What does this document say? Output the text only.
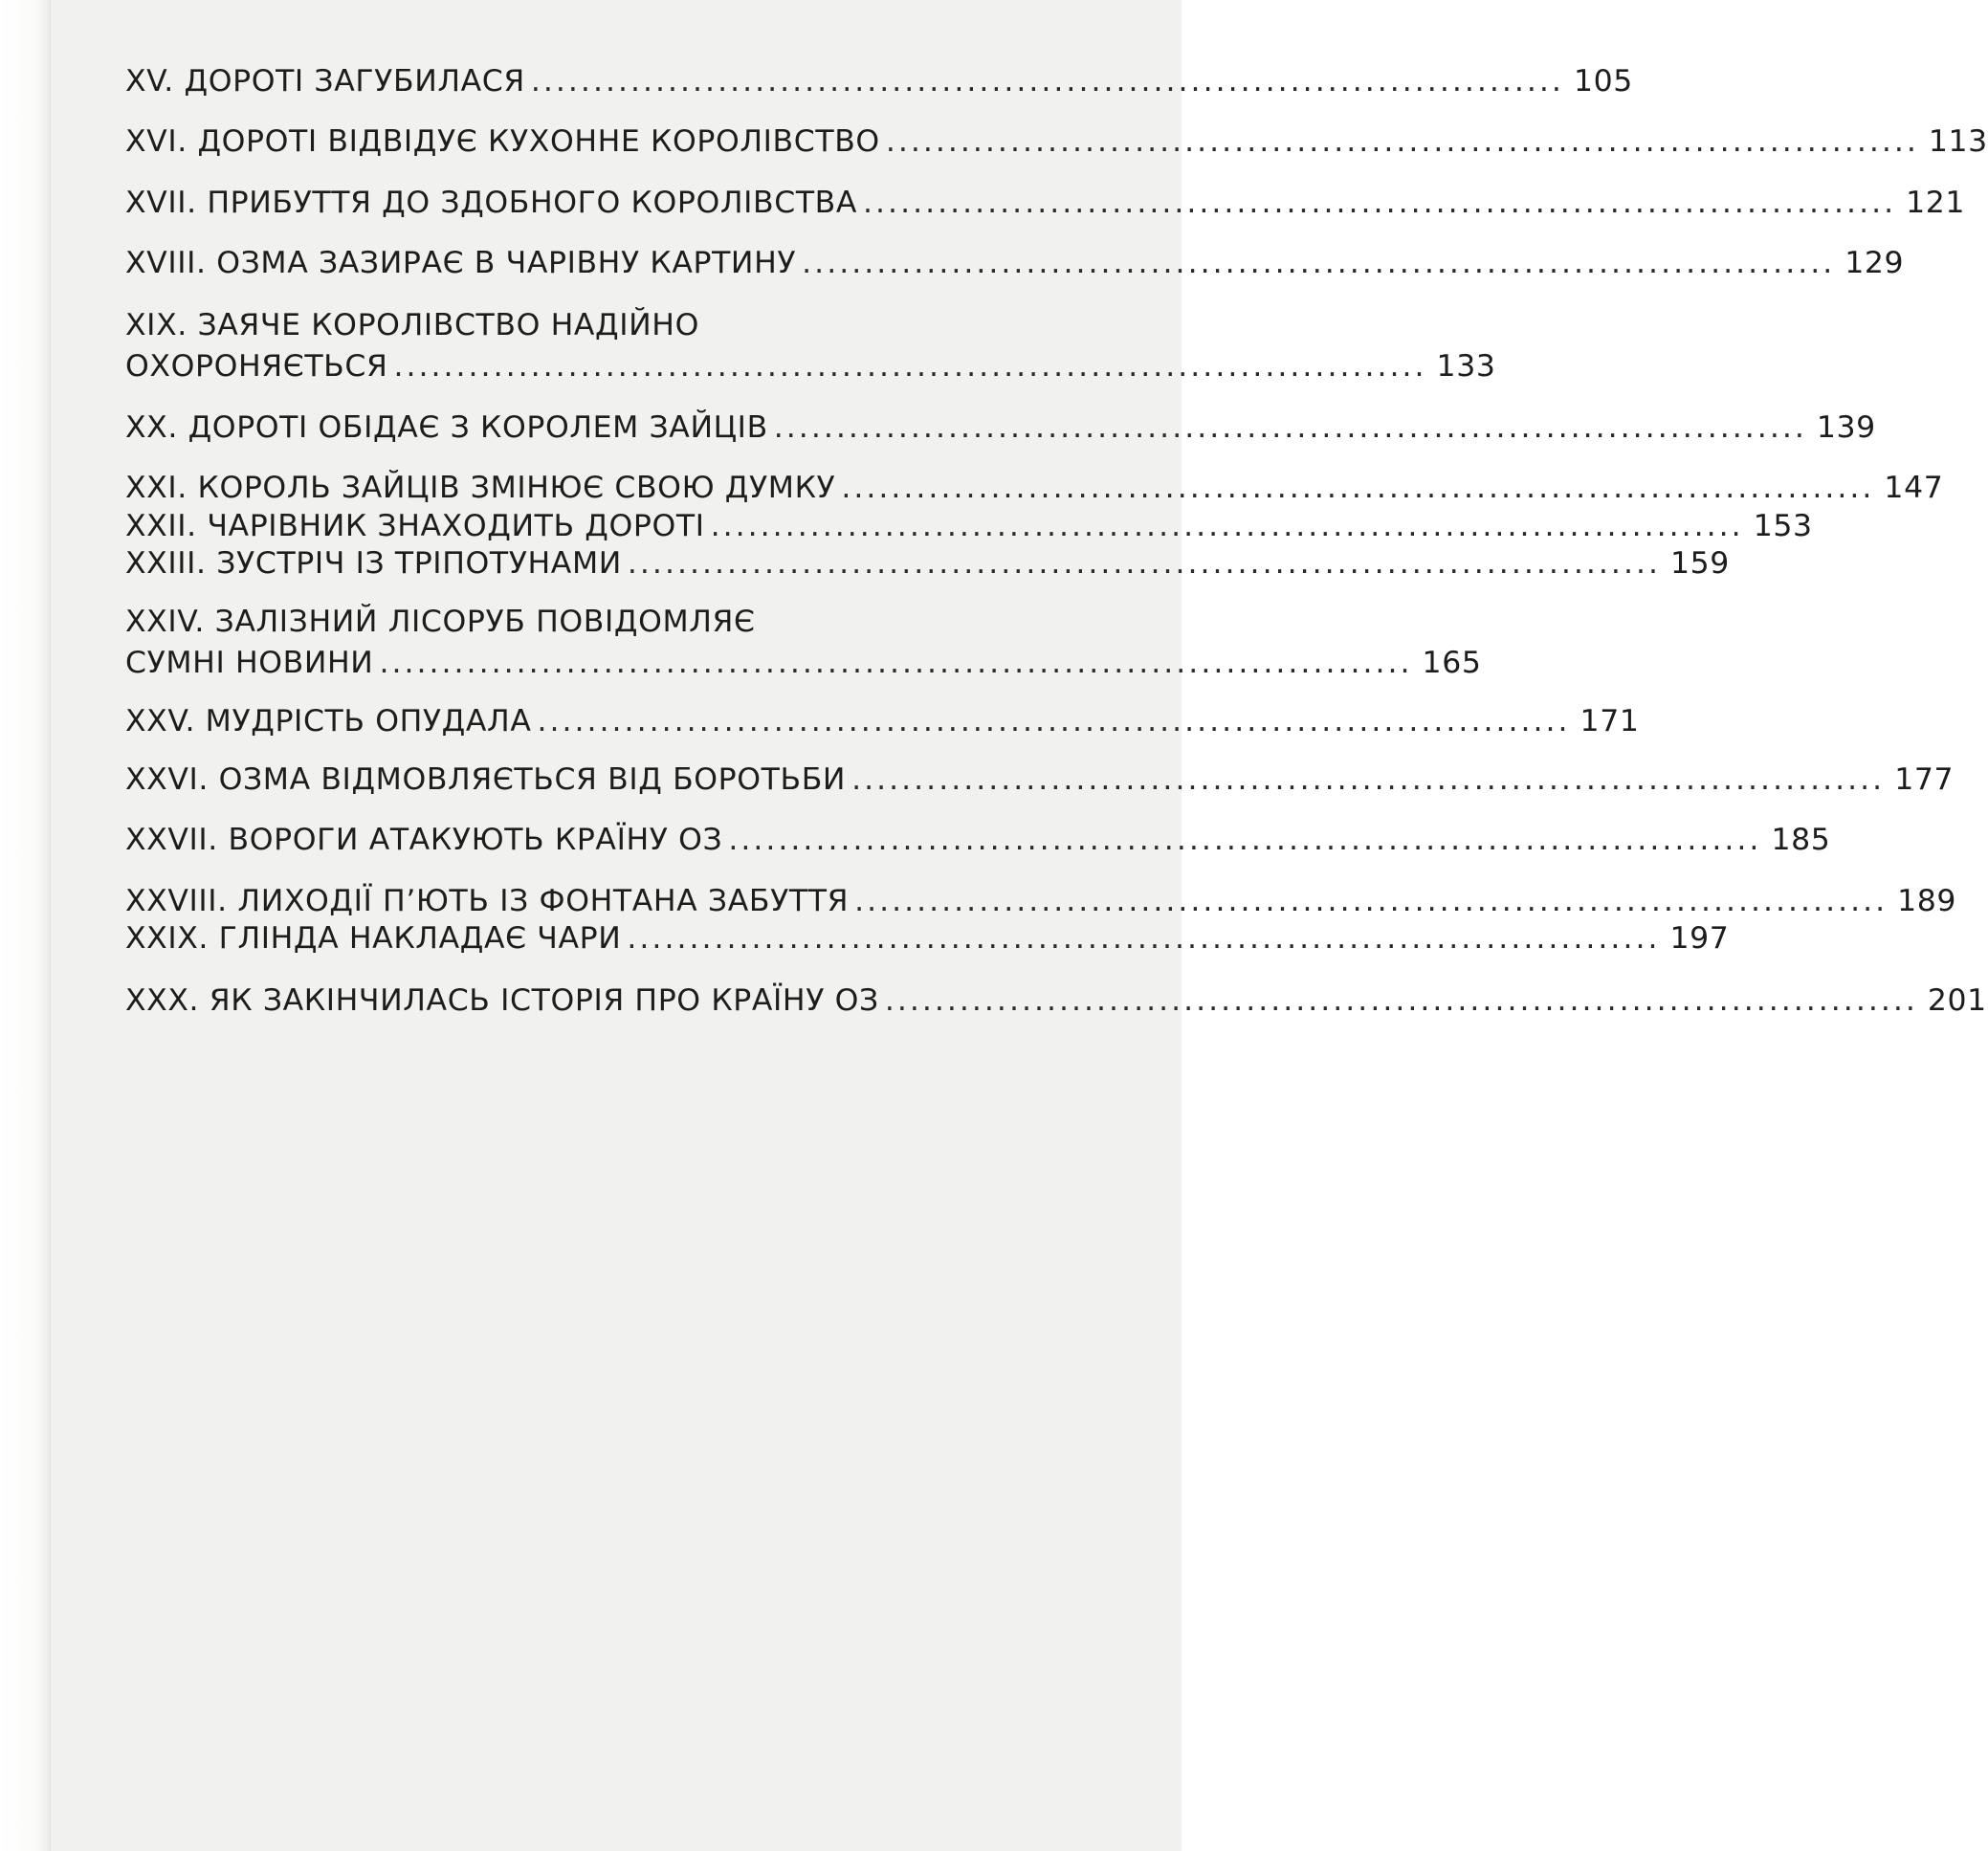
XV. ДОРОТІ ЗАГУБИЛАСЯ ................................................................................... 105
XVI. ДОРОТІ ВІДВІДУЄ КУХОННЕ КОРОЛІВСТВО ................................................................................... 113
XVII. ПРИБУТТЯ ДО ЗДОБНОГО КОРОЛІВСТВА ................................................................................... 121
XVIII. ОЗМА ЗАЗИРАЄ В ЧАРІВНУ КАРТИНУ ................................................................................... 129
XIX. ЗАЯЧЕ КОРОЛІВСТВО НАДІЙНО
ОХОРОНЯЄТЬСЯ ................................................................................... 133
XX. ДОРОТІ ОБІДАЄ З КОРОЛЕМ ЗАЙЦІВ ................................................................................... 139
XXI. КОРОЛЬ ЗАЙЦІВ ЗМІНЮЄ СВОЮ ДУМКУ ................................................................................... 147
XXII. ЧАРІВНИК ЗНАХОДИТЬ ДОРОТІ ................................................................................... 153
XXIII. ЗУСТРІЧ ІЗ ТРІПОТУНАМИ ................................................................................... 159
XXIV. ЗАЛІЗНИЙ ЛІСОРУБ ПОВІДОМЛЯЄ
СУМНІ НОВИНИ ................................................................................... 165
XXV. МУДРІСТЬ ОПУДАЛА ................................................................................... 171
XXVI. ОЗМА ВІДМОВЛЯЄТЬСЯ ВІД БОРОТЬБИ ................................................................................... 177
XXVII. ВОРОГИ АТАКУЮТЬ КРАЇНУ ОЗ ................................................................................... 185
XXVIII. ЛИХОДІЇ П’ЮТЬ ІЗ ФОНТАНА ЗАБУТТЯ ................................................................................... 189
XXIX. ГЛІНДА НАКЛАДАЄ ЧАРИ ................................................................................... 197
XXX. ЯК ЗАКІНЧИЛАСЬ ІСТОРІЯ ПРО КРАЇНУ ОЗ ................................................................................... 201
